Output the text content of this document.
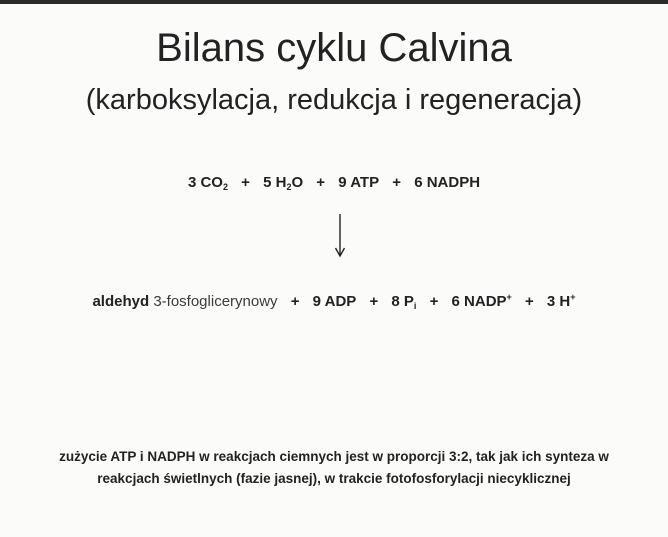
Bilans cyklu Calvina
(karboksylacja, redukcja i regeneracja)
3 $CO_2 + 5$ $H_2O + 9$ ATP + 6 NADPH
aldehyd 3-fosfoglicerynowy + 9 ADP + 8 $P_i + 6$ NADP+ + 3 H+
zużycie ATP i NADPH w reakcjach ciemnych jest w proporcji 3:2, tak jak ich synteza w
reakcjach świetlnych (fazie jasnej), w trakcie fotofosforylacji niecyklicznej
